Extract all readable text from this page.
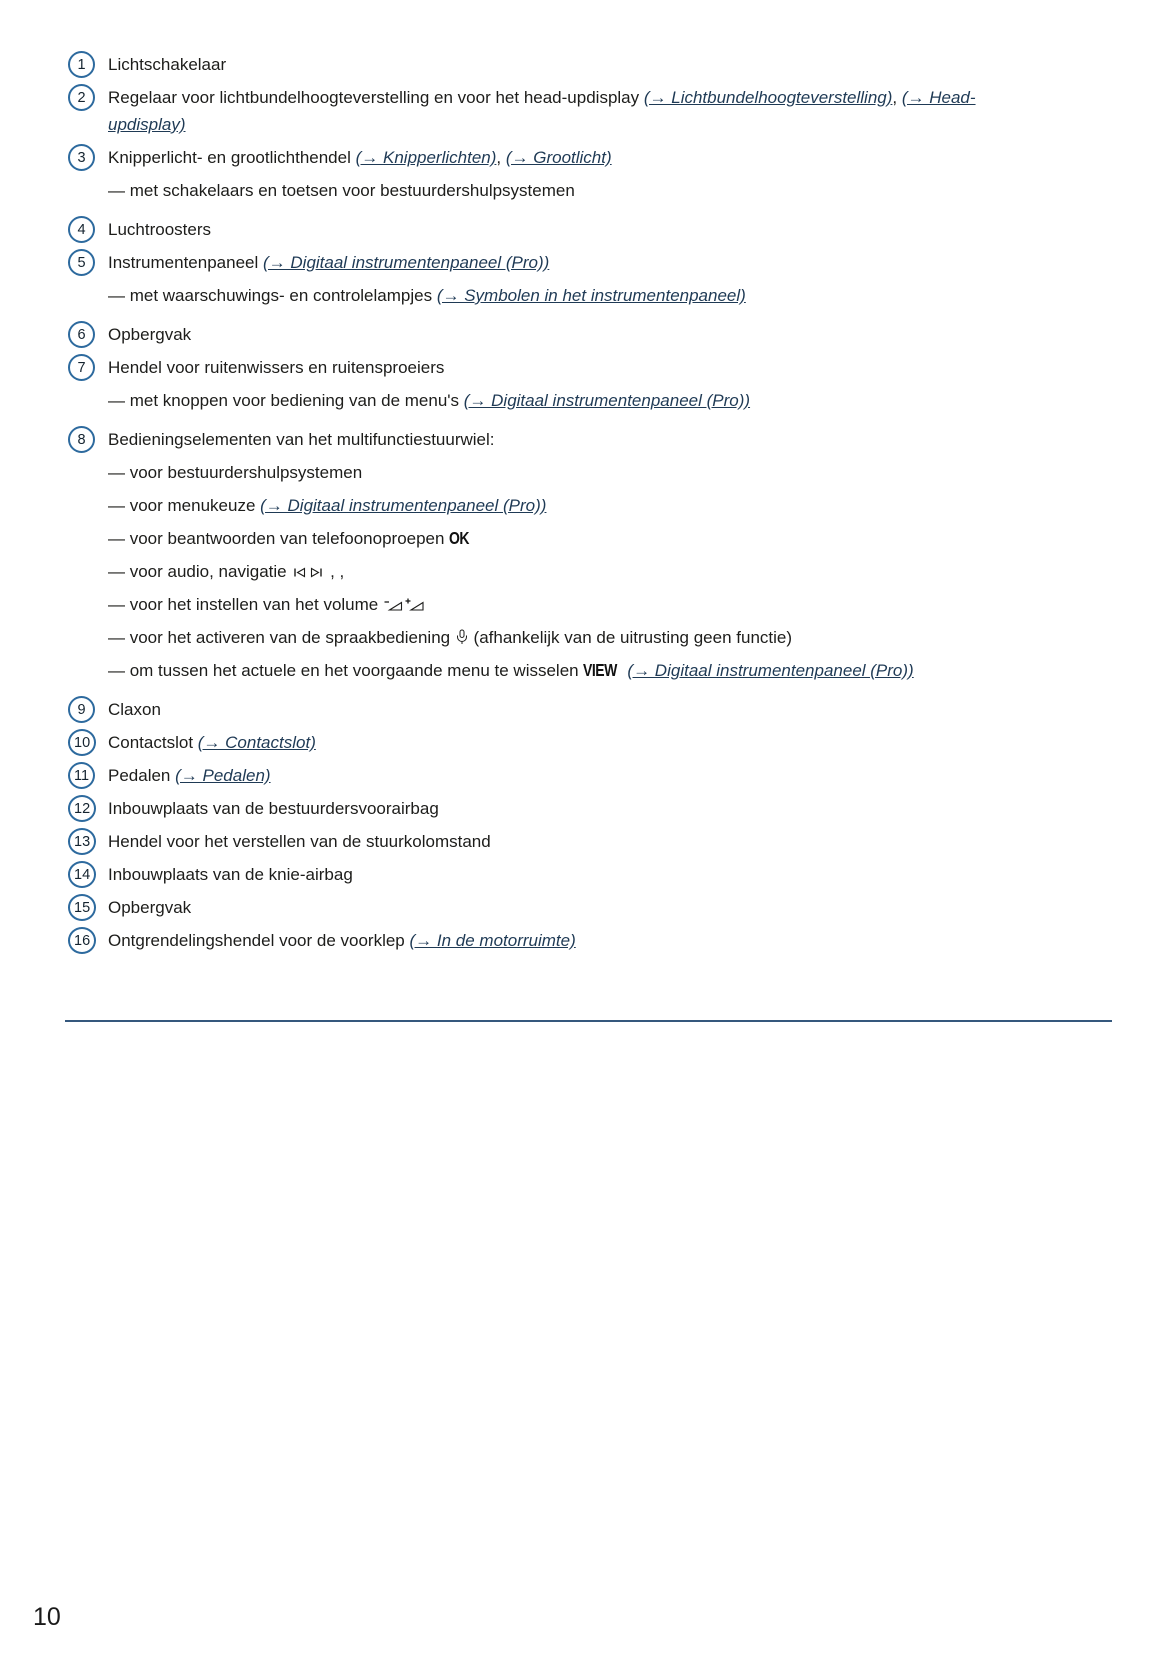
1	Lichtschakelaar
2	Regelaar voor lichtbundelhoogteverstelling en voor het head-updisplay (→ Lichtbundelhoogteverstelling), (→ Head-updisplay)
3	Knipperlicht- en grootlichthendel (→ Knipperlichten), (→ Grootlicht)
— met schakelaars en toetsen voor bestuurdershulpsystemen
4	Luchtroosters
5	Instrumentenpaneel (→ Digitaal instrumentenpaneel (Pro))
— met waarschuwings- en controlelampjes (→ Symbolen in het instrumentenpaneel)
6	Opbergvak
7	Hendel voor ruitenwissers en ruitensproeiers
— met knoppen voor bediening van de menu's (→ Digitaal instrumentenpaneel (Pro))
8	Bedieningselementen van het multifunctiestuurwiel:
— voor bestuurdershulpsystemen
— voor menukeuze (→ Digitaal instrumentenpaneel (Pro))
— voor beantwoorden van telefoonoproepen OK
— voor audio, navigatie  , ,
— voor het instellen van het volume
— voor het activeren van de spraakbediening  (afhankelijk van de uitrusting geen functie)
— om tussen het actuele en het voorgaande menu te wisselen VIEW (→ Digitaal instrumentenpaneel (Pro))
9	Claxon
10	Contactslot (→ Contactslot)
11	Pedalen (→ Pedalen)
12	Inbouwplaats van de bestuurdersvoorairbag
13	Hendel voor het verstellen van de stuurkolomstand
14	Inbouwplaats van de knie-airbag
15	Opbergvak
16	Ontgrendelingshendel voor de voorklep (→ In de motorruimte)
10
